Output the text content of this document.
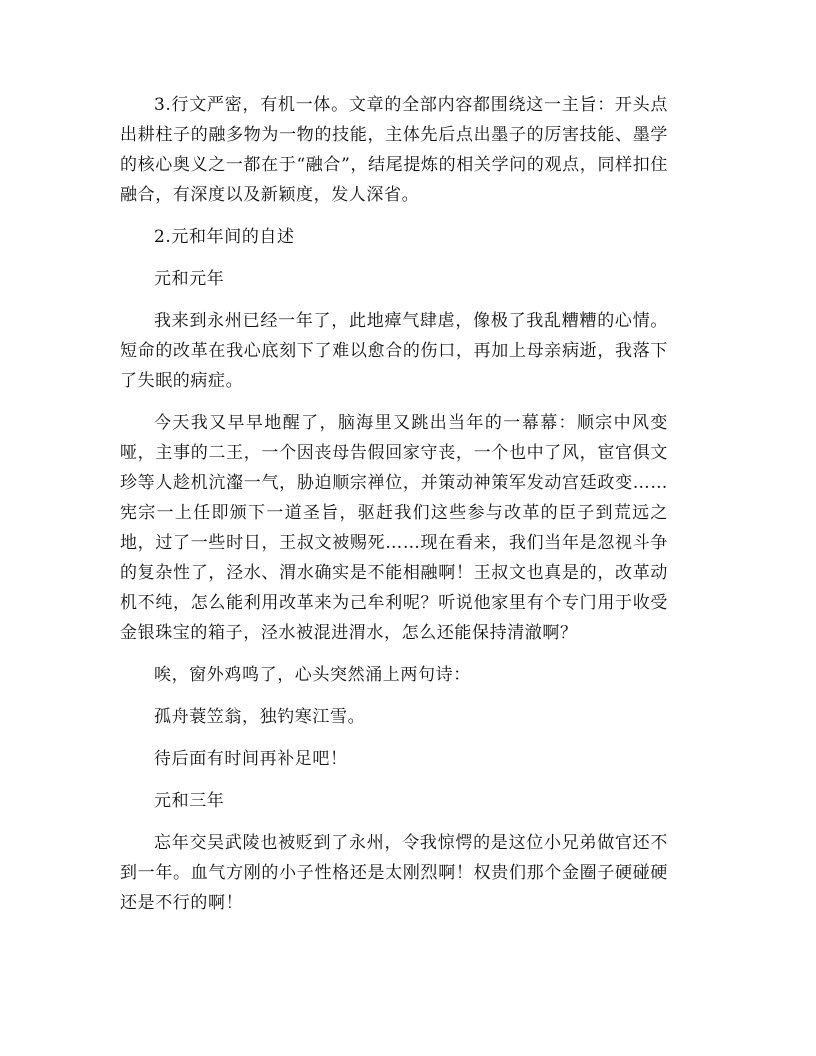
3.行文严密，有机一体。文章的全部内容都围绕这一主旨：开头点出耕柱子的融多物为一物的技能，主体先后点出墨子的厉害技能、墨学的核心奥义之一都在于“融合”，结尾提炼的相关学问的观点，同样扣住融合，有深度以及新颖度，发人深省。

2.元和年间的自述

元和元年

我来到永州已经一年了，此地瘴气肆虐，像极了我乱糟糟的心情。短命的改革在我心底刻下了难以愈合的伤口，再加上母亲病逝，我落下了失眠的病症。

今天我又早早地醒了，脑海里又跳出当年的一幕幕：顺宗中风变哑，主事的二王，一个因丧母告假回家守丧，一个也中了风，宦官俱文珍等人趁机沆瀣一气，胁迫顺宗禅位，并策动神策军发动宫廷政变……宪宗一上任即颁下一道圣旨，驱赶我们这些参与改革的臣子到荒远之地，过了一些时日，王叔文被赐死……现在看来，我们当年是忽视斗争的复杂性了，泾水、渭水确实是不能相融啊！王叔文也真是的，改革动机不纯，怎么能利用改革来为己牟利呢？听说他家里有个专门用于收受金银珠宝的箱子，泾水被混进渭水，怎么还能保持清澈啊？

唉，窗外鸡鸣了，心头突然涌上两句诗：

孤舟蓑笠翁，独钓寒江雪。

待后面有时间再补足吧！

元和三年

忘年交吴武陵也被贬到了永州，令我惊愕的是这位小兄弟做官还不到一年。血气方刚的小子性格还是太刚烈啊！权贵们那个金圈子硬碰硬还是不行的啊！
